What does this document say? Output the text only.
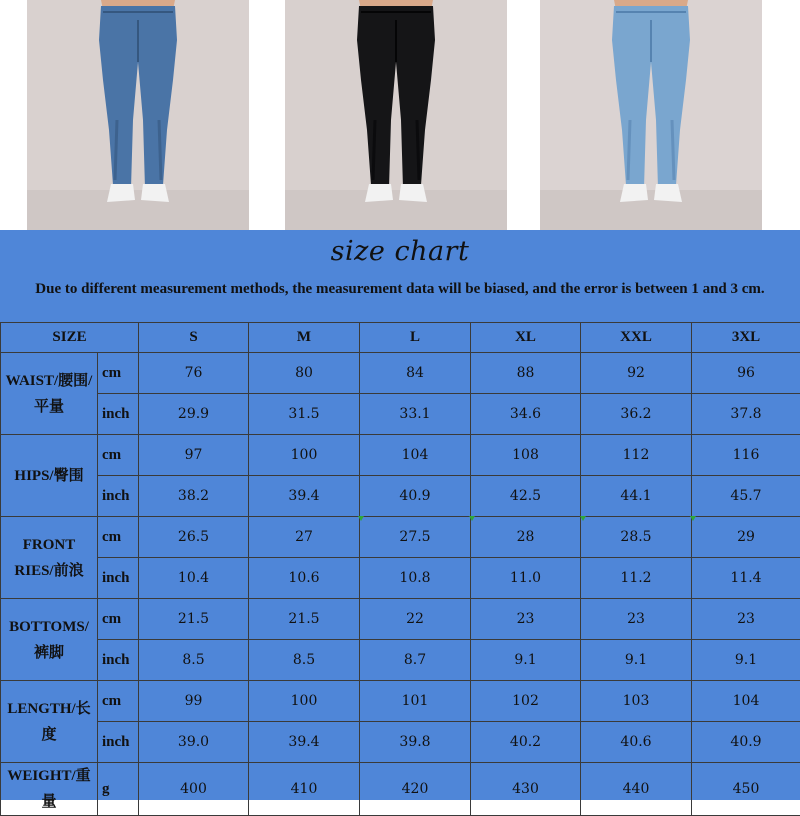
size chart
Due to different measurement methods, the measurement data will be biased, and the error is between 1 and 3 cm.
SIZE		S	M	L	XL	XXL	3XL

WAIST/腰围/平量	cm	76	80	84	88	92	96
	inch	29.9	31.5	33.1	34.6	36.2	37.8

HIPS/臀围	cm	97	100	104	108	112	116
	inch	38.2	39.4	40.9	42.5	44.1	45.7

FRONT RIES/前浪	cm	26.5	27	27.5	28	28.5	29
	inch	10.4	10.6	10.8	11.0	11.2	11.4

BOTTOMS/裤脚	cm	21.5	21.5	22	23	23	23
	inch	8.5	8.5	8.7	9.1	9.1	9.1

LENGTH/长度	cm	99	100	101	102	103	104
	inch	39.0	39.4	39.8	40.2	40.6	40.9

WEIGHT/重量	g	400	410	420	430	440	450
